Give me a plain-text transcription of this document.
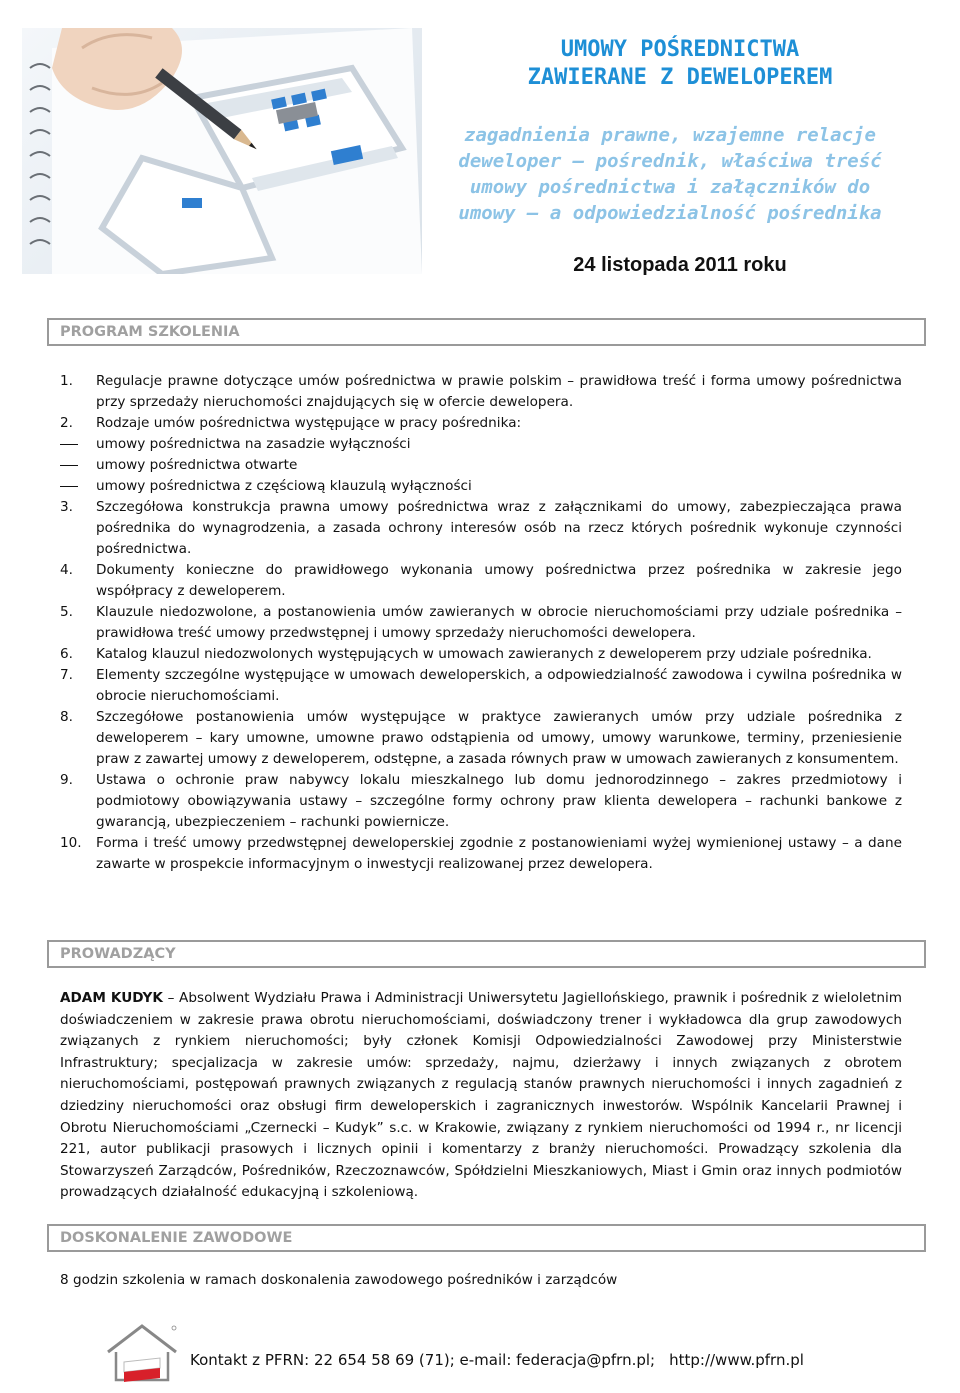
UMOWY POŚREDNICTWA
ZAWIERANE Z DEWELOPEREM
zagadnienia prawne, wzajemne relacje
deweloper – pośrednik, właściwa treść
umowy pośrednictwa i załączników do
umowy – a odpowiedzialność pośrednika
24 listopada 2011 roku
PROGRAM SZKOLENIA
1. Regulacje prawne dotyczące umów pośrednictwa w prawie polskim – prawidłowa treść i forma umowy pośrednictwa przy sprzedaży nieruchomości znajdujących się w ofercie dewelopera.
2. Rodzaje umów pośrednictwa występujące w pracy pośrednika:
umowy pośrednictwa na zasadzie wyłączności
umowy pośrednictwa otwarte
umowy pośrednictwa z częściową klauzulą wyłączności
3. Szczegółowa konstrukcja prawna umowy pośrednictwa wraz z załącznikami do umowy, zabezpieczająca prawa pośrednika do wynagrodzenia, a zasada ochrony interesów osób na rzecz których pośrednik wykonuje czynności pośrednictwa.
4. Dokumenty konieczne do prawidłowego wykonania umowy pośrednictwa przez pośrednika w zakresie jego współpracy z deweloperem.
5. Klauzule niedozwolone, a postanowienia umów zawieranych w obrocie nieruchomościami przy udziale pośrednika – prawidłowa treść umowy przedwstępnej i umowy sprzedaży nieruchomości dewelopera.
6. Katalog klauzul niedozwolonych występujących w umowach zawieranych z deweloperem przy udziale pośrednika.
7. Elementy szczególne występujące w umowach deweloperskich, a odpowiedzialność zawodowa i cywilna pośrednika w obrocie nieruchomościami.
8. Szczegółowe postanowienia umów występujące w praktyce zawieranych umów przy udziale pośrednika z deweloperem – kary umowne, umowne prawo odstąpienia od umowy, umowy warunkowe, terminy, przeniesienie praw z zawartej umowy z deweloperem, odstępne, a zasada równych praw w umowach zawieranych z konsumentem.
9. Ustawa o ochronie praw nabywcy lokalu mieszkalnego lub domu jednorodzinnego – zakres przedmiotowy i podmiotowy obowiązywania ustawy – szczególne formy ochrony praw klienta dewelopera – rachunki bankowe z gwarancją, ubezpieczeniem – rachunki powiernicze.
10. Forma i treść umowy przedwstępnej deweloperskiej zgodnie z postanowieniami wyżej wymienionej ustawy – a dane zawarte w prospekcie informacyjnym o inwestycji realizowanej przez dewelopera.
PROWADZĄCY

ADAM KUDYK – Absolwent Wydziału Prawa i Administracji Uniwersytetu Jagiellońskiego, prawnik i pośrednik z wieloletnim doświadczeniem w zakresie prawa obrotu nieruchomościami, doświadczony trener i wykładowca dla grup zawodowych związanych z rynkiem nieruchomości; były członek Komisji Odpowiedzialności Zawodowej przy Ministerstwie Infrastruktury; specjalizacja w zakresie umów: sprzedaży, najmu, dzierżawy i innych związanych z obrotem nieruchomościami, postępowań prawnych związanych z regulacją stanów prawnych nieruchomości i innych zagadnień z dziedziny nieruchomości oraz obsługi firm deweloperskich i zagranicznych inwestorów. Wspólnik Kancelarii Prawnej i Obrotu Nieruchomościami „Czernecki – Kudyk” s.c. w Krakowie, związany z rynkiem nieruchomości od 1994 r., nr licencji 221, autor publikacji prasowych i licznych opinii i komentarzy z branży nieruchomości. Prowadzący szkolenia dla Stowarzyszeń Zarządców, Pośredników, Rzeczoznawców, Spółdzielni Mieszkaniowych, Miast i Gmin oraz innych podmiotów prowadzących działalność edukacyjną i szkoleniową.

DOSKONALENIE ZAWODOWE

8 godzin szkolenia w ramach doskonalenia zawodowego pośredników i zarządców

Kontakt z PFRN: 22 654 58 69 (71); e-mail: federacja@pfrn.pl; http://www.pfrn.pl
